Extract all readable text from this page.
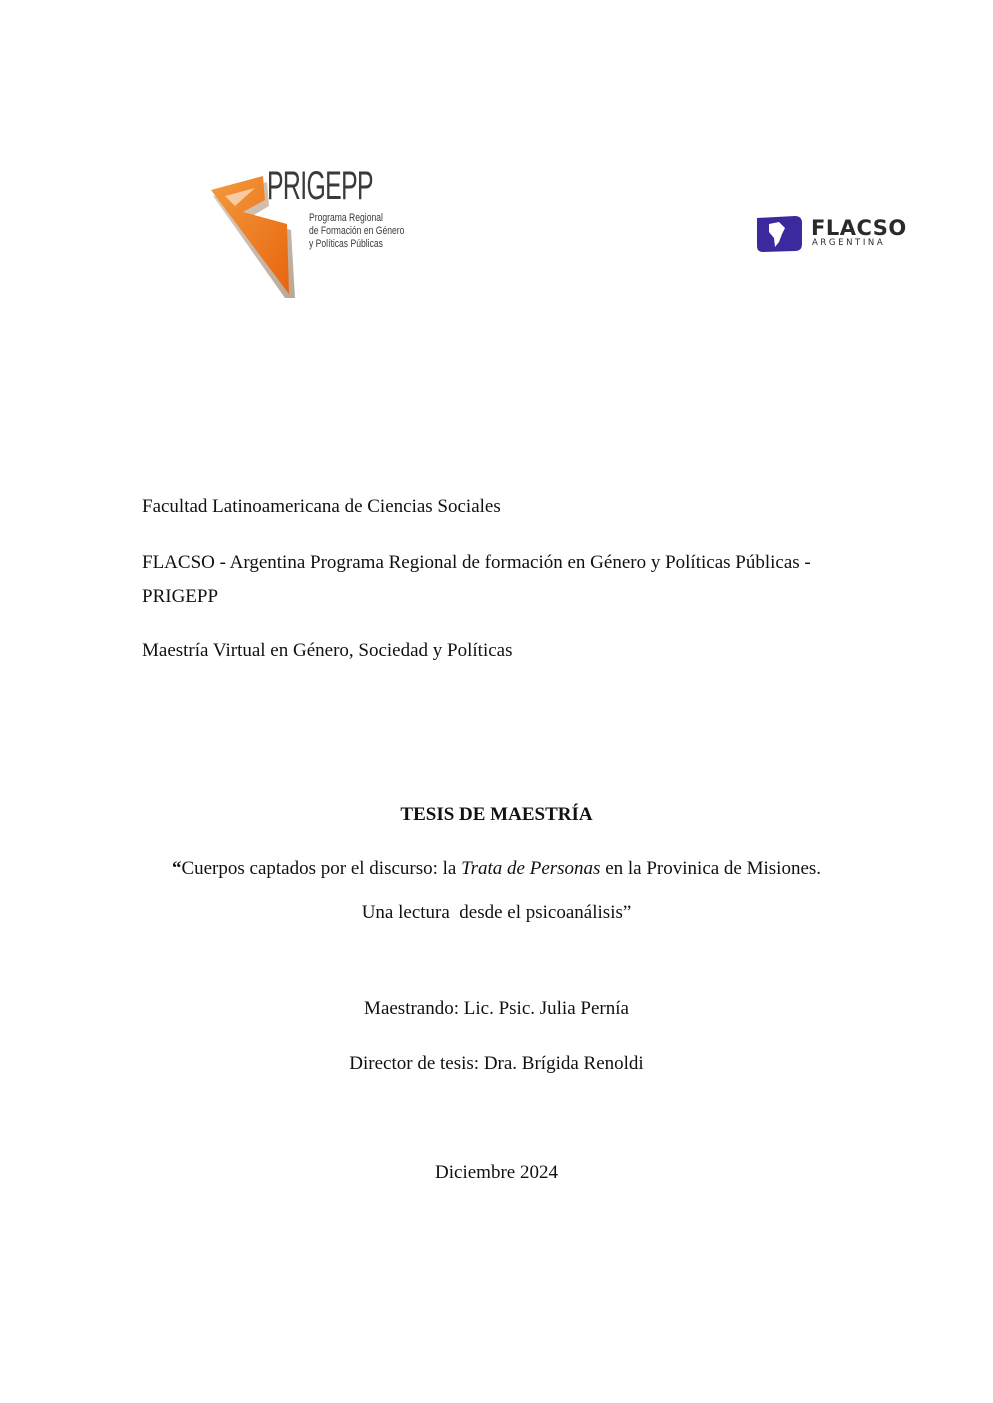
PRIGEPP
Programa Regional
de Formación en Género
y Políticas Públicas
FLACSO
ARGENTINA
Facultad Latinoamericana de Ciencias Sociales
FLACSO - Argentina Programa Regional de formación en Género y Políticas Públicas - PRIGEPP
Maestría Virtual en Género, Sociedad y Políticas
TESIS DE MAESTRÍA
“Cuerpos captados por el discurso: la Trata de Personas en la Provinica de Misiones.
Una lectura  desde el psicoanálisis”
Maestrando: Lic. Psic. Julia Pernía
Director de tesis: Dra. Brígida Renoldi
Diciembre 2024
